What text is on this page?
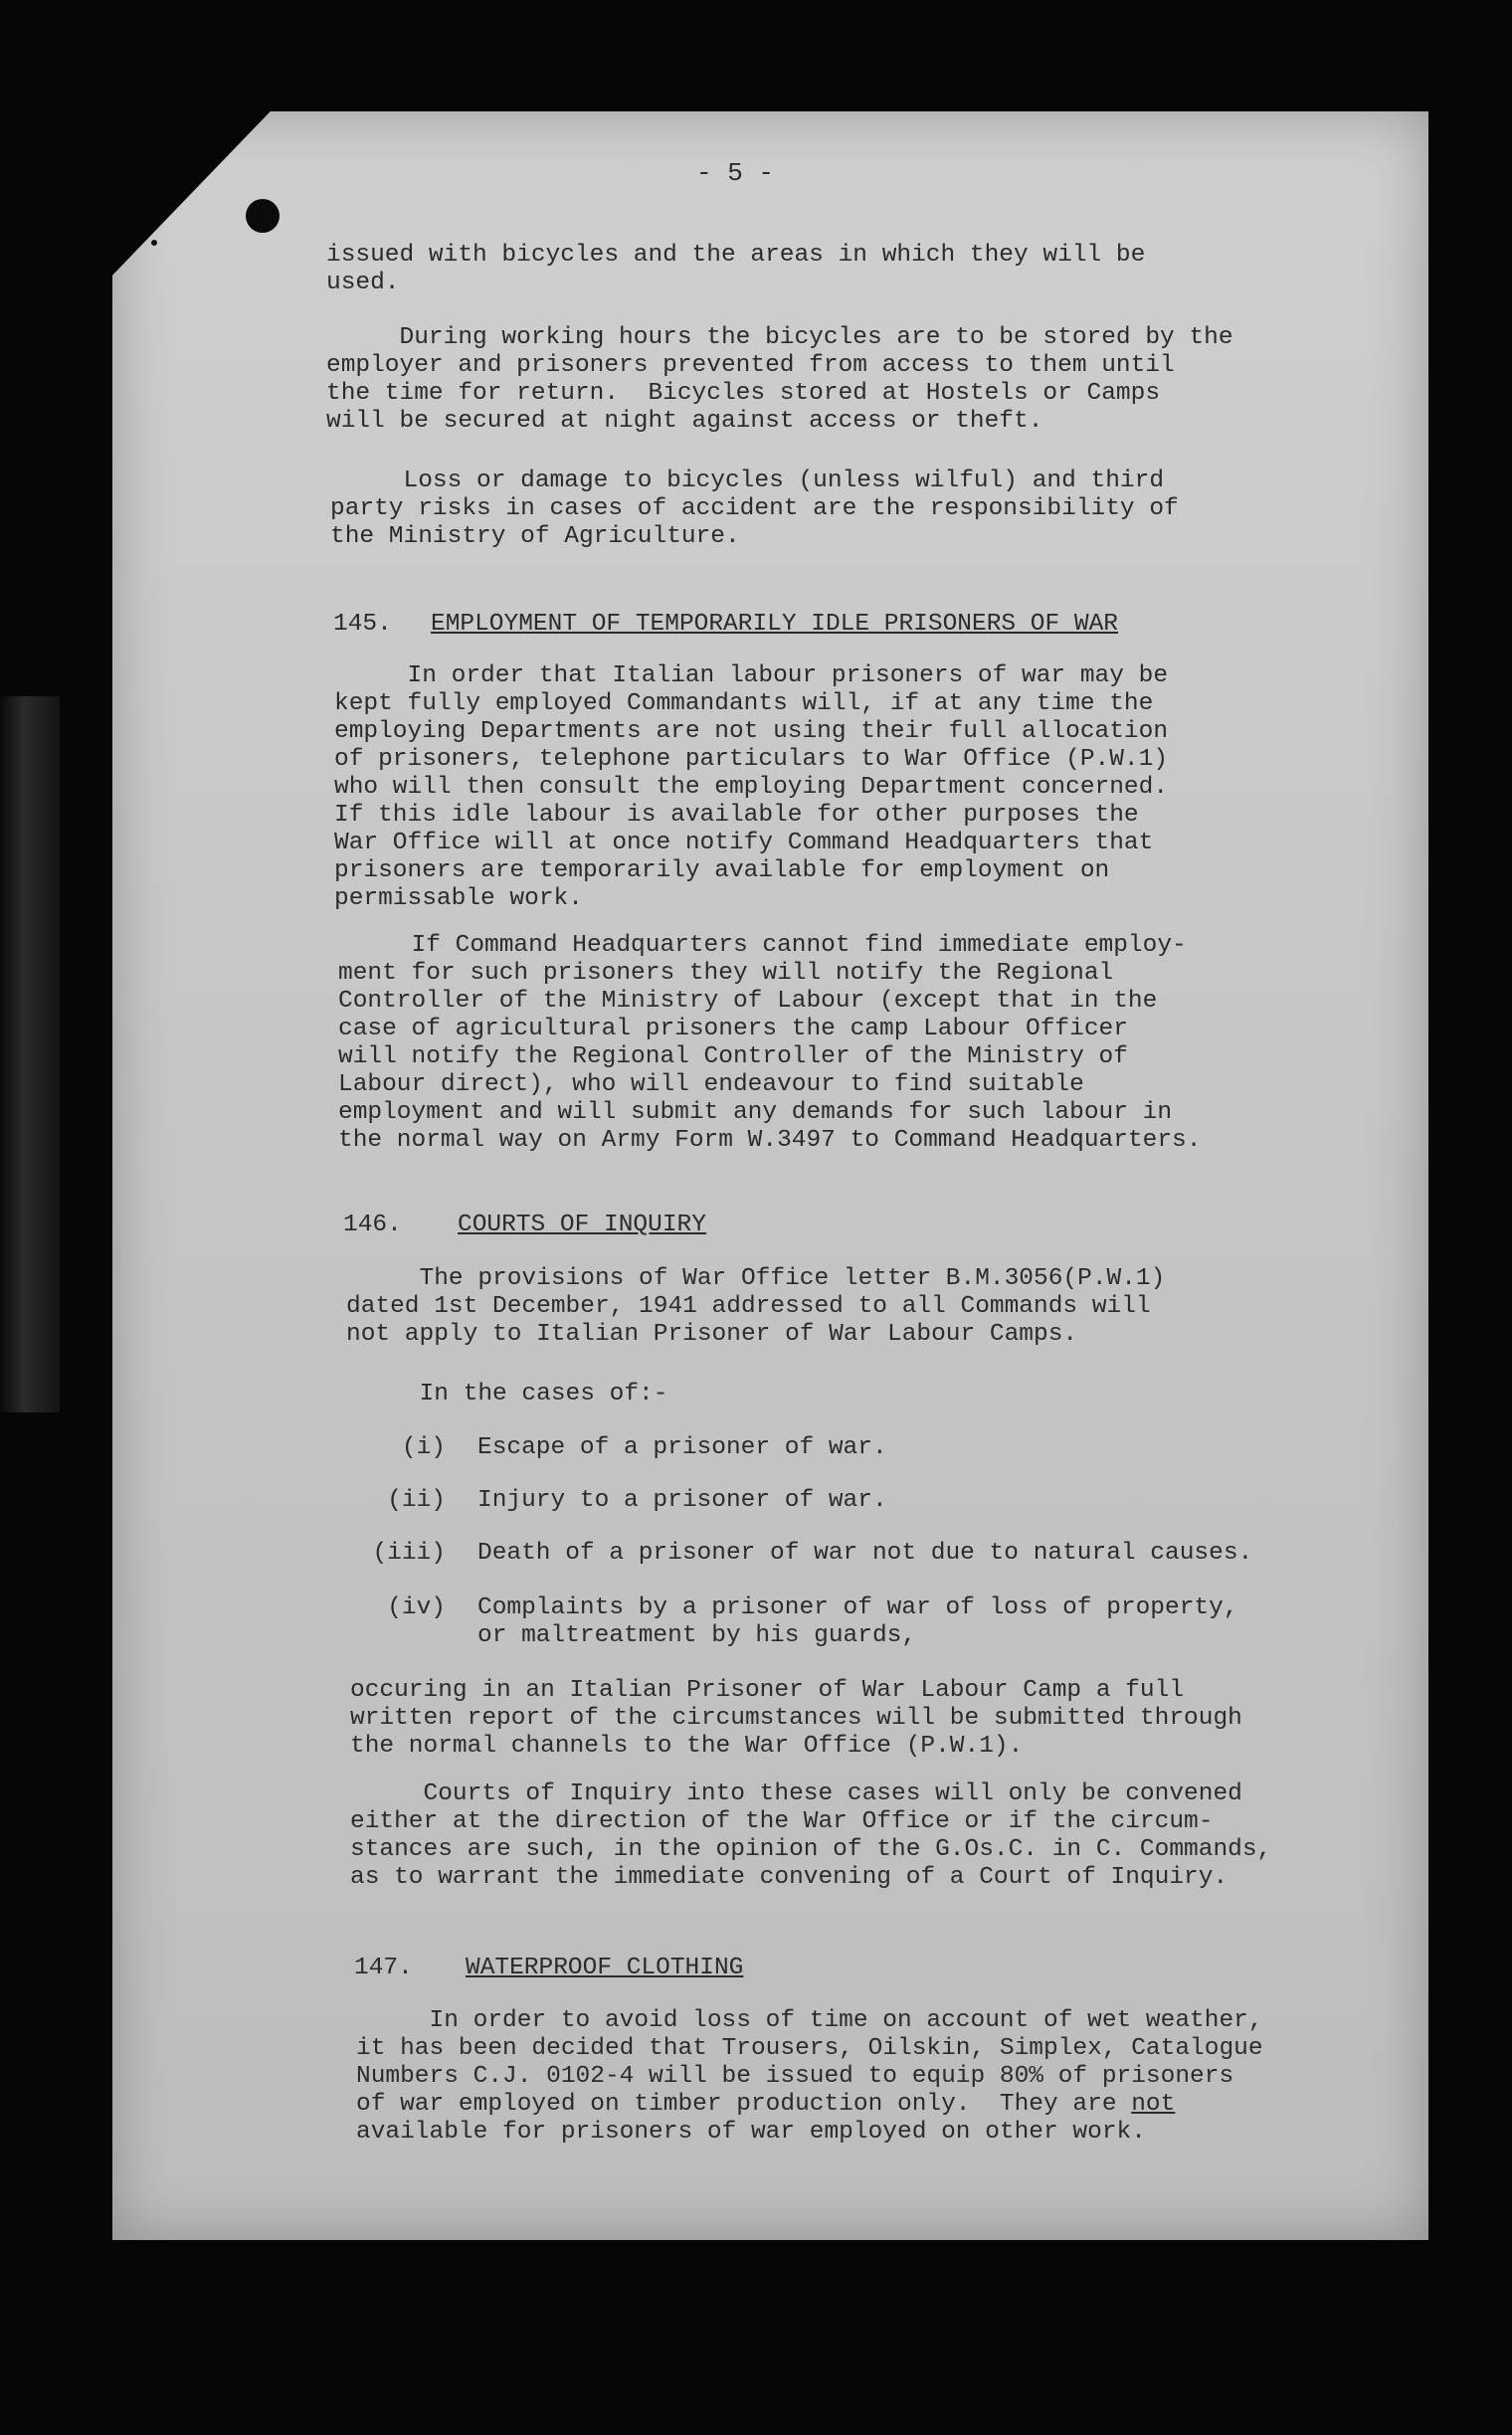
- 5 -
issued with bicycles and the areas in which they will be
used.
During working hours the bicycles are to be stored by the
employer and prisoners prevented from access to them until
the time for return.  Bicycles stored at Hostels or Camps
will be secured at night against access or theft.
Loss or damage to bicycles (unless wilful) and third
party risks in cases of accident are the responsibility of
the Ministry of Agriculture.
145. EMPLOYMENT OF TEMPORARILY IDLE PRISONERS OF WAR
In order that Italian labour prisoners of war may be
kept fully employed Commandants will, if at any time the
employing Departments are not using their full allocation
of prisoners, telephone particulars to War Office (P.W.1)
who will then consult the employing Department concerned.
If this idle labour is available for other purposes the
War Office will at once notify Command Headquarters that
prisoners are temporarily available for employment on
permissable work.
If Command Headquarters cannot find immediate employ-
ment for such prisoners they will notify the Regional
Controller of the Ministry of Labour (except that in the
case of agricultural prisoners the camp Labour Officer
will notify the Regional Controller of the Ministry of
Labour direct), who will endeavour to find suitable
employment and will submit any demands for such labour in
the normal way on Army Form W.3497 to Command Headquarters.
146. COURTS OF INQUIRY
The provisions of War Office letter B.M.3056(P.W.1)
dated 1st December, 1941 addressed to all Commands will
not apply to Italian Prisoner of War Labour Camps.
In the cases of:-
(i) Escape of a prisoner of war.
(ii) Injury to a prisoner of war.
(iii) Death of a prisoner of war not due to natural causes.
(iv) Complaints by a prisoner of war of loss of property,
or maltreatment by his guards,
occuring in an Italian Prisoner of War Labour Camp a full
written report of the circumstances will be submitted through
the normal channels to the War Office (P.W.1).
Courts of Inquiry into these cases will only be convened
either at the direction of the War Office or if the circum-
stances are such, in the opinion of the G.Os.C. in C. Commands,
as to warrant the immediate convening of a Court of Inquiry.
147. WATERPROOF CLOTHING
In order to avoid loss of time on account of wet weather,
it has been decided that Trousers, Oilskin, Simplex, Catalogue
Numbers C.J. 0102-4 will be issued to equip 80% of prisoners
of war employed on timber production only.  They are not
available for prisoners of war employed on other work.
